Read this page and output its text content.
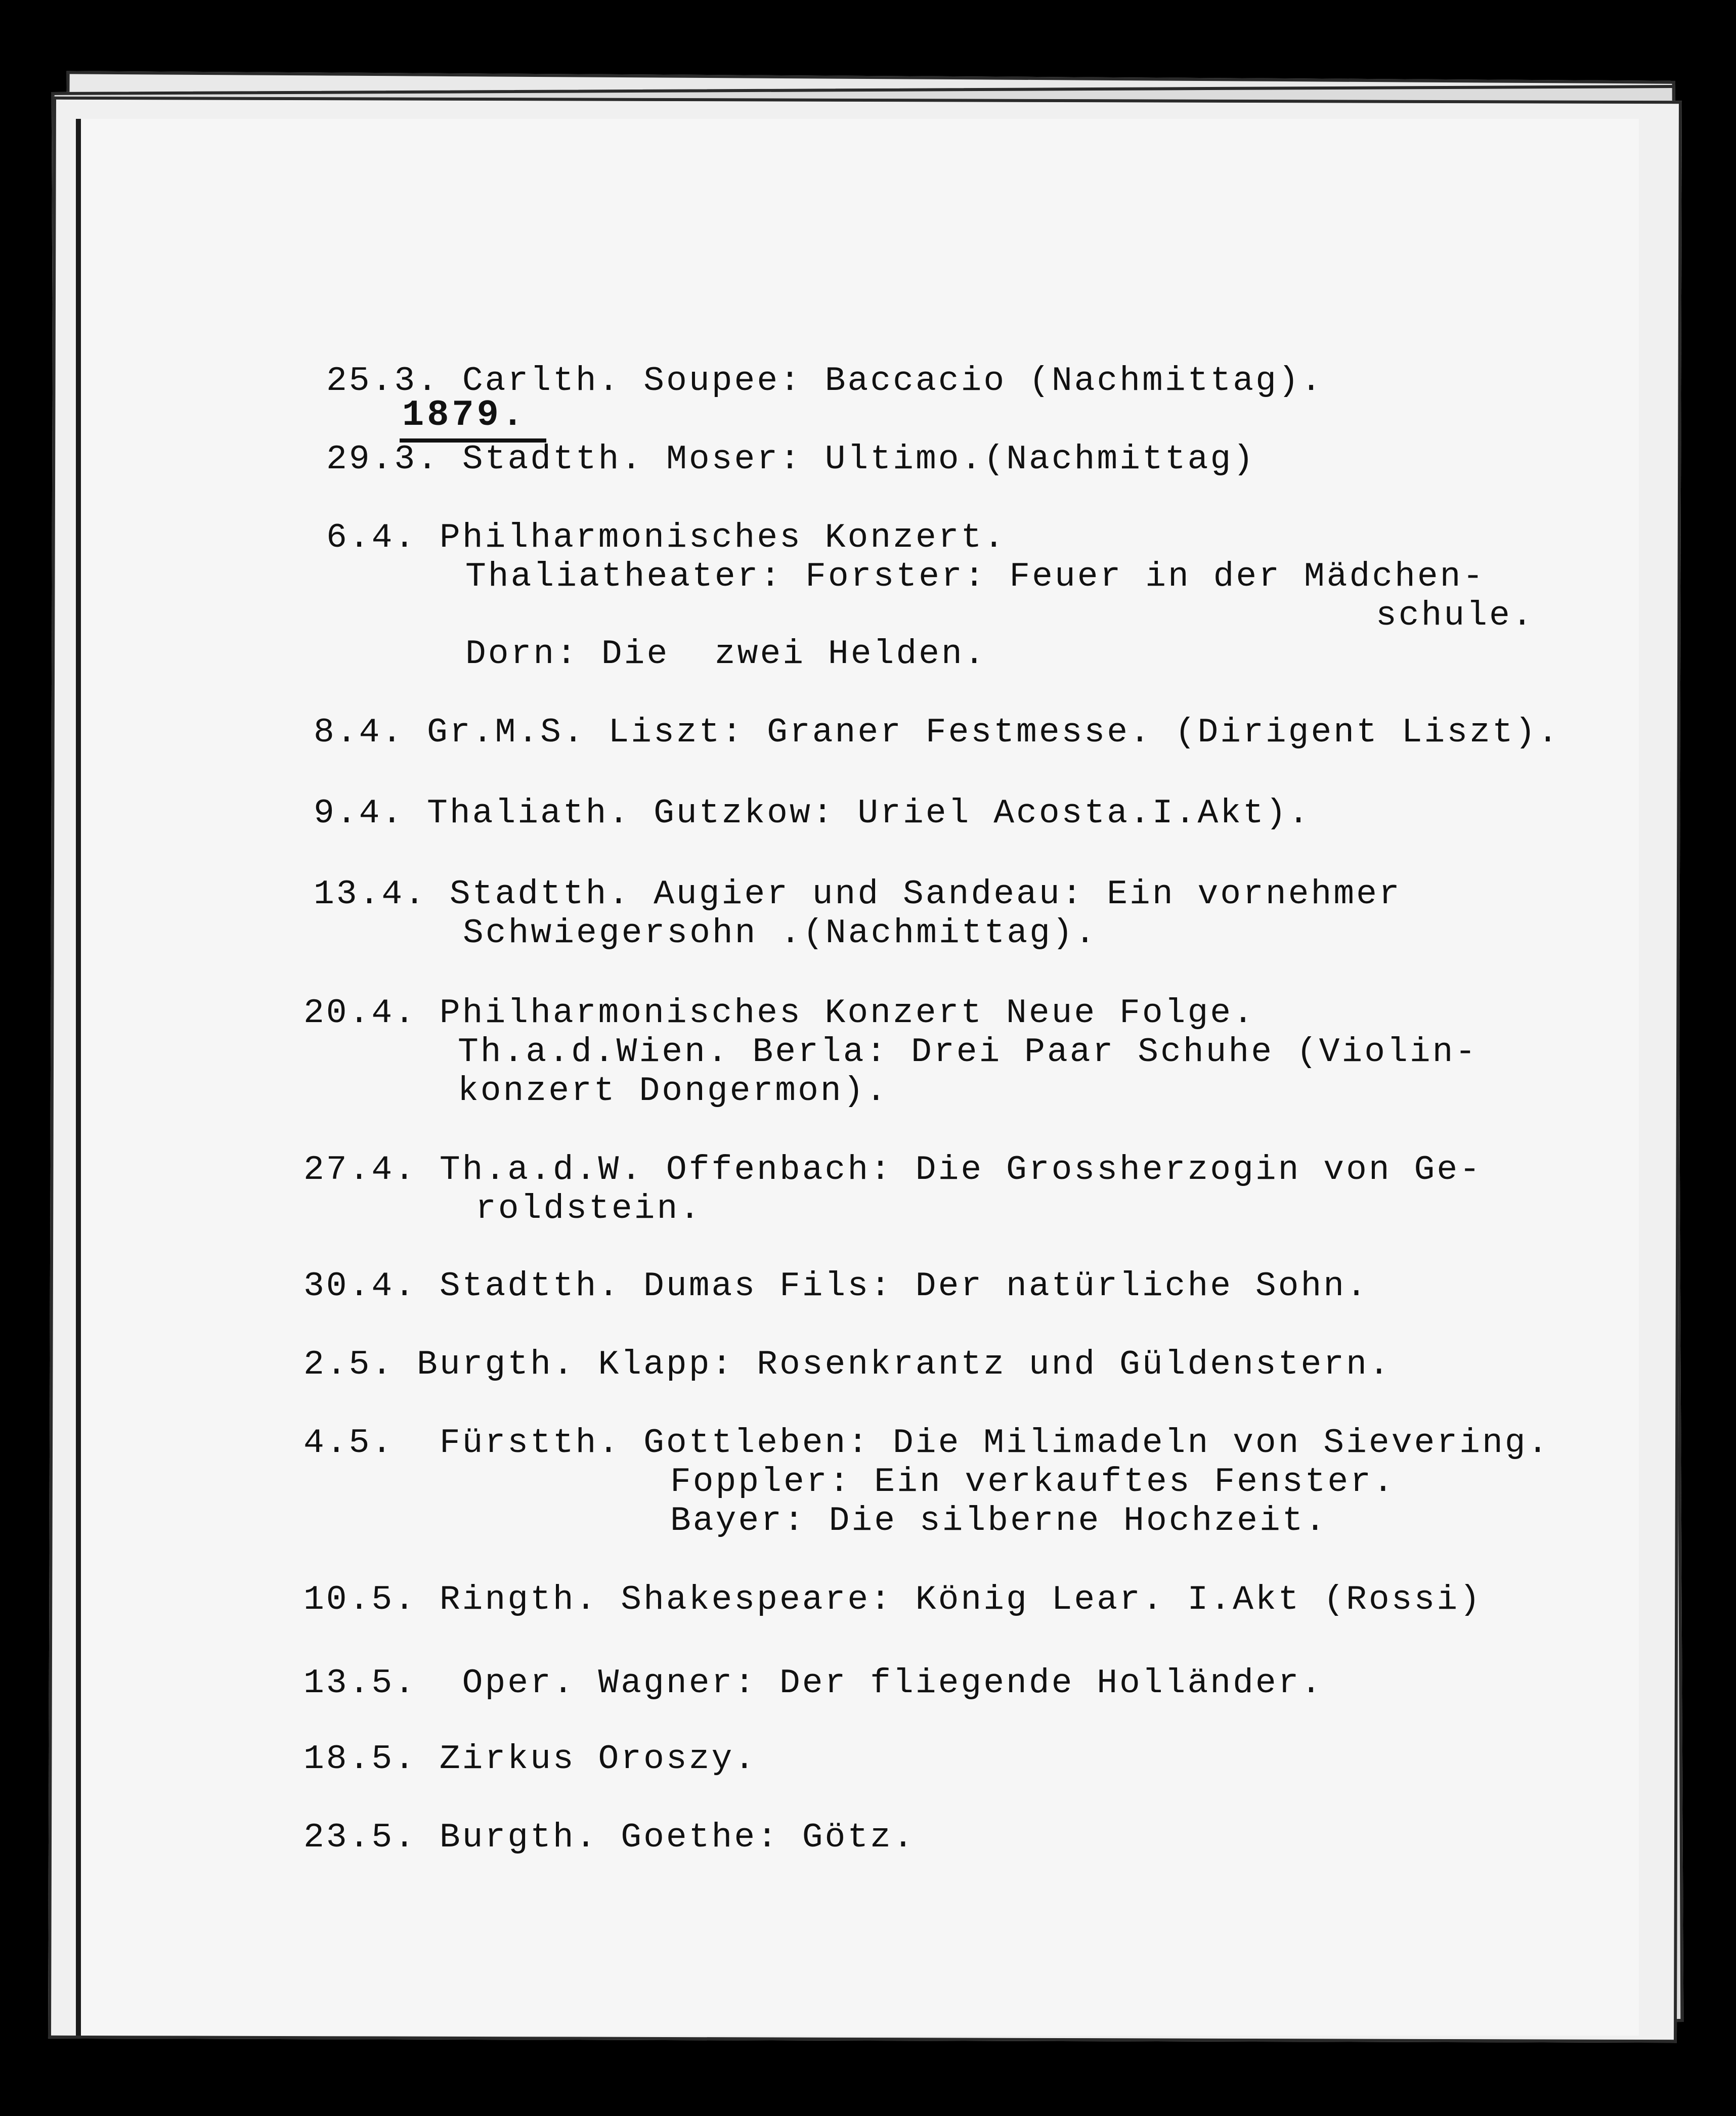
1879.

25.3. Carlth. Soupee: Baccacio (Nachmittag).

29.3. Stadtth. Moser: Ultimo.(Nachmittag)

6.4. Philharmonisches Konzert.

Thaliatheater: Forster: Feuer in der Mädchen-

schule.

Dorn: Die  zwei Helden.

8.4. Gr.M.S. Liszt: Graner Festmesse. (Dirigent Liszt).

9.4. Thaliath. Gutzkow: Uriel Acosta.I.Akt).

13.4. Stadtth. Augier und Sandeau: Ein vornehmer

Schwiegersohn .(Nachmittag).

20.4. Philharmonisches Konzert Neue Folge.

Th.a.d.Wien. Berla: Drei Paar Schuhe (Violin-

konzert Dongermon).

27.4. Th.a.d.W. Offenbach: Die Grossherzogin von Ge-

roldstein.

30.4. Stadtth. Dumas Fils: Der natürliche Sohn.

2.5. Burgth. Klapp: Rosenkrantz und Güldenstern.

4.5.  Fürstth. Gottleben: Die Milimadeln von Sievering.

Foppler: Ein verkauftes Fenster.

Bayer: Die silberne Hochzeit.

10.5. Ringth. Shakespeare: König Lear. I.Akt (Rossi)

13.5.  Oper. Wagner: Der fliegende Holländer.

18.5. Zirkus Oroszy.

23.5. Burgth. Goethe: Götz.
